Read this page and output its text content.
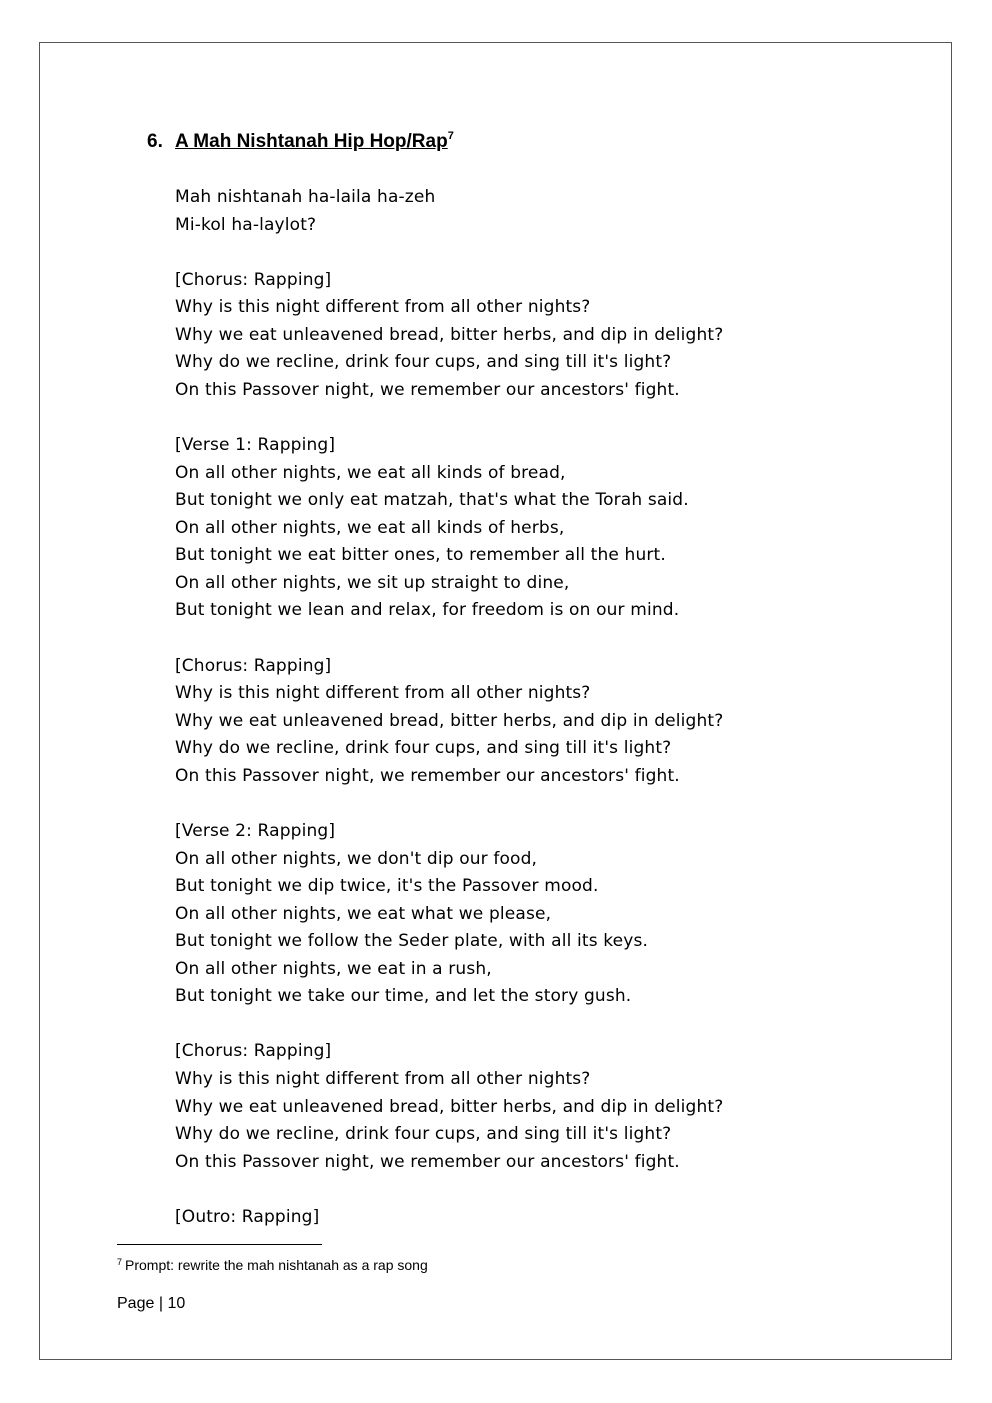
6. A Mah Nishtanah Hip Hop/Rap$^7$
Mah nishtanah ha-laila ha-zeh
Mi-kol ha-laylot?
[Chorus: Rapping]
Why is this night different from all other nights?
Why we eat unleavened bread, bitter herbs, and dip in delight?
Why do we recline, drink four cups, and sing till it's light?
On this Passover night, we remember our ancestors' fight.
[Verse 1: Rapping]
On all other nights, we eat all kinds of bread,
But tonight we only eat matzah, that's what the Torah said.
On all other nights, we eat all kinds of herbs,
But tonight we eat bitter ones, to remember all the hurt.
On all other nights, we sit up straight to dine,
But tonight we lean and relax, for freedom is on our mind.
[Chorus: Rapping]
Why is this night different from all other nights?
Why we eat unleavened bread, bitter herbs, and dip in delight?
Why do we recline, drink four cups, and sing till it's light?
On this Passover night, we remember our ancestors' fight.
[Verse 2: Rapping]
On all other nights, we don't dip our food,
But tonight we dip twice, it's the Passover mood.
On all other nights, we eat what we please,
But tonight we follow the Seder plate, with all its keys.
On all other nights, we eat in a rush,
But tonight we take our time, and let the story gush.
[Chorus: Rapping]
Why is this night different from all other nights?
Why we eat unleavened bread, bitter herbs, and dip in delight?
Why do we recline, drink four cups, and sing till it's light?
On this Passover night, we remember our ancestors' fight.
[Outro: Rapping]
$^7$ Prompt: rewrite the mah nishtanah as a rap song
Page | 10
